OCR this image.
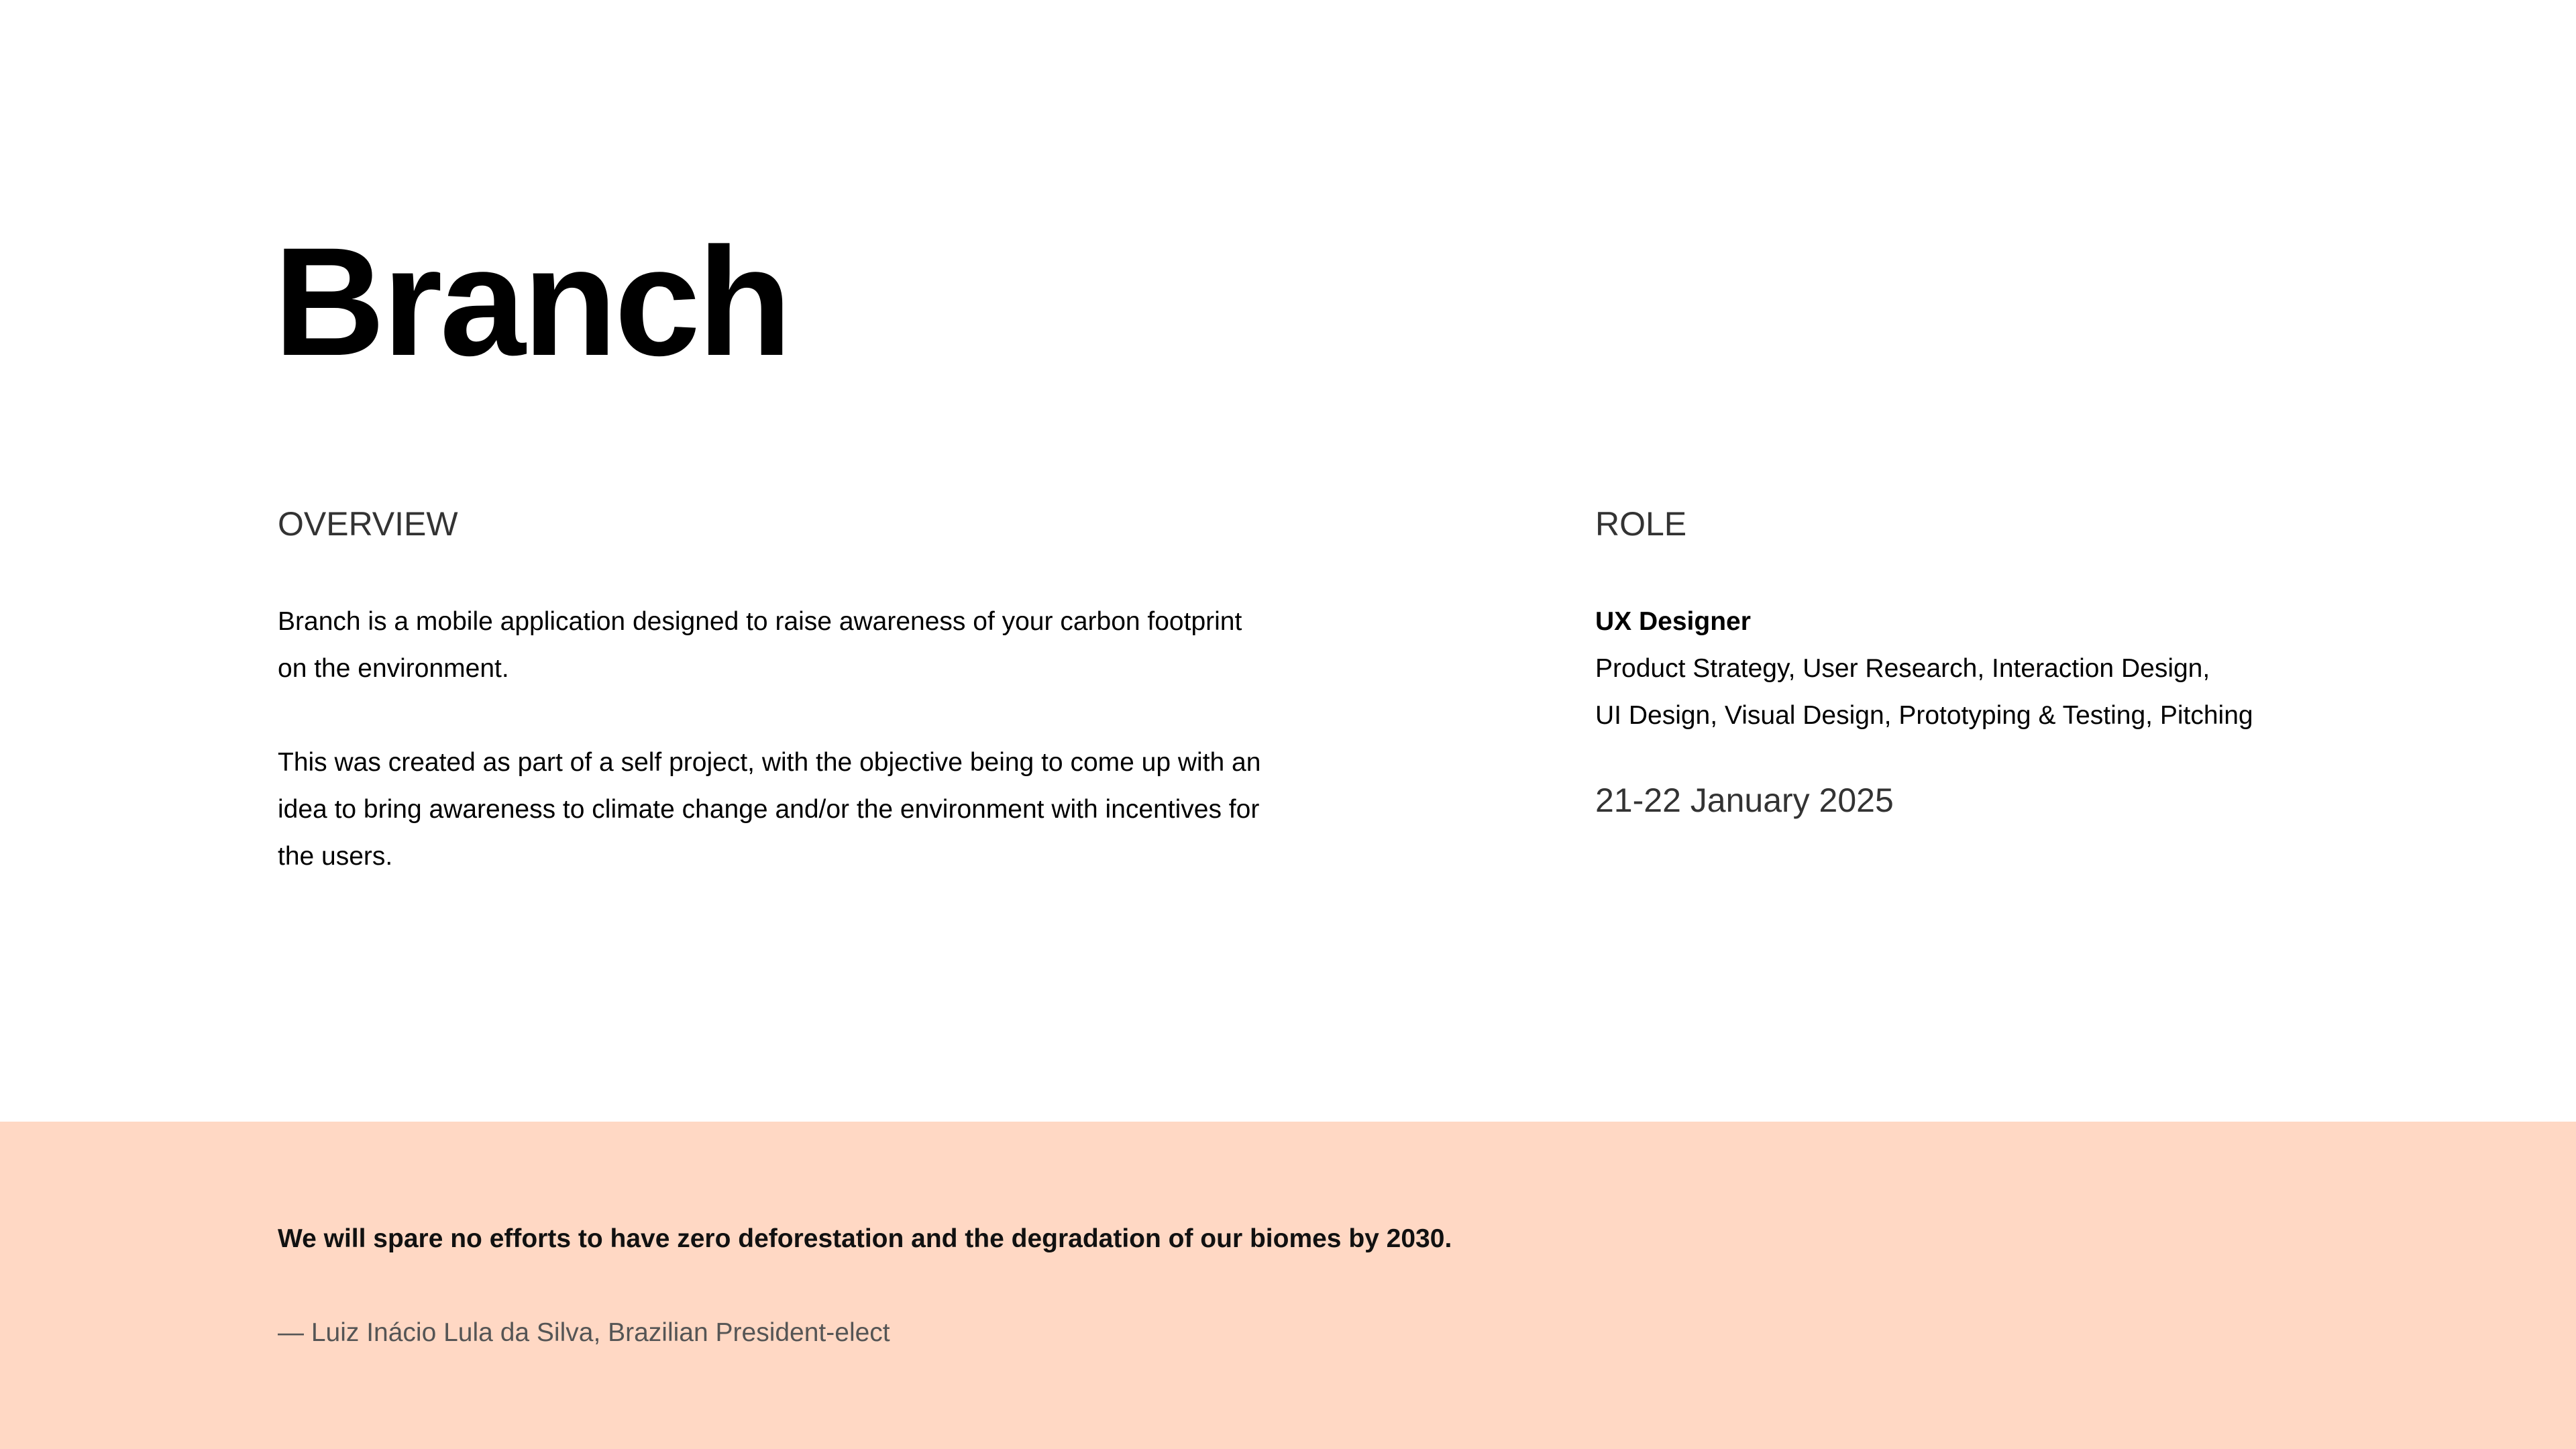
Branch
OVERVIEW

Branch is a mobile application designed to raise awareness of your carbon footprint on the environment.

This was created as part of a self project, with the objective being to come up with an idea to bring awareness to climate change and/or the environment with incentives for the users.

ROLE

UX Designer

Product Strategy, User Research, Interaction Design,

UI Design, Visual Design, Prototyping & Testing, Pitching

21-22 January 2025

We will spare no efforts to have zero deforestation and the degradation of our biomes by 2030.

— Luiz Inácio Lula da Silva, Brazilian President-elect
